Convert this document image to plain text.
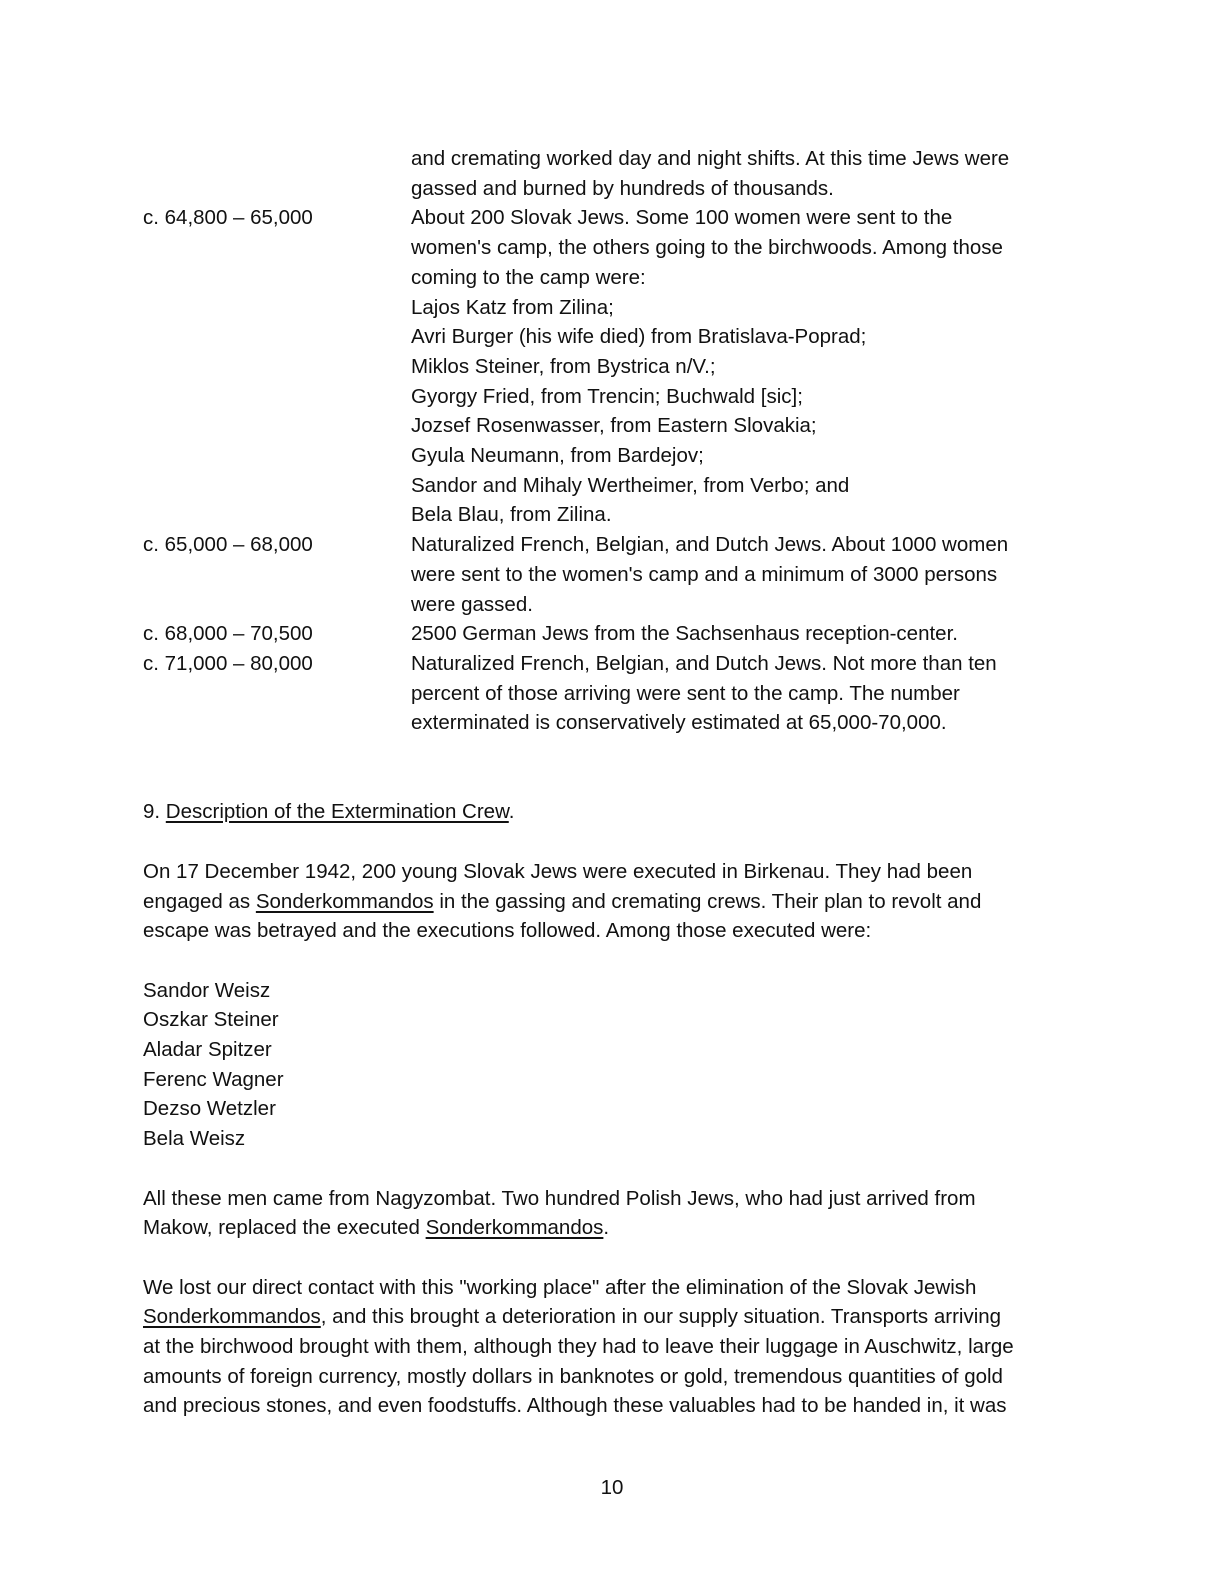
and cremating worked day and night shifts. At this time Jews were
gassed and burned by hundreds of thousands.
c. 64,800 – 65,000	About 200 Slovak Jews. Some 100 women were sent to the
women's camp, the others going to the birchwoods. Among those
coming to the camp were:
Lajos Katz from Zilina;
Avri Burger (his wife died) from Bratislava-Poprad;
Miklos Steiner, from Bystrica n/V.;
Gyorgy Fried, from Trencin; Buchwald [sic];
Jozsef Rosenwasser, from Eastern Slovakia;
Gyula Neumann, from Bardejov;
Sandor and Mihaly Wertheimer, from Verbo; and
Bela Blau, from Zilina.
c. 65,000 – 68,000	Naturalized French, Belgian, and Dutch Jews. About 1000 women
were sent to the women's camp and a minimum of 3000 persons
were gassed.
c. 68,000 – 70,500	2500 German Jews from the Sachsenhaus reception-center.
c. 71,000 – 80,000	Naturalized French, Belgian, and Dutch Jews. Not more than ten
percent of those arriving were sent to the camp. The number
exterminated is conservatively estimated at 65,000-70,000.
9. Description of the Extermination Crew.
On 17 December 1942, 200 young Slovak Jews were executed in Birkenau. They had been
engaged as Sonderkommandos in the gassing and cremating crews. Their plan to revolt and
escape was betrayed and the executions followed. Among those executed were:
Sandor Weisz
Oszkar Steiner
Aladar Spitzer
Ferenc Wagner
Dezso Wetzler
Bela Weisz
All these men came from Nagyzombat. Two hundred Polish Jews, who had just arrived from
Makow, replaced the executed Sonderkommandos.
We lost our direct contact with this "working place" after the elimination of the Slovak Jewish
Sonderkommandos, and this brought a deterioration in our supply situation. Transports arriving
at the birchwood brought with them, although they had to leave their luggage in Auschwitz, large
amounts of foreign currency, mostly dollars in banknotes or gold, tremendous quantities of gold
and precious stones, and even foodstuffs. Although these valuables had to be handed in, it was
10
